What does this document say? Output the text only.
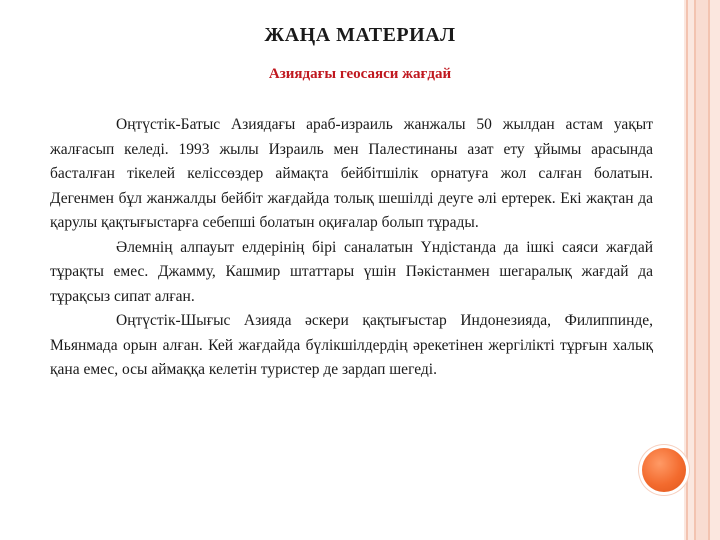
ЖАҢА МАТЕРИАЛ
Азиядағы геосаяси жағдай

Оңтүстік-Батыс Азиядағы араб-израиль жанжалы 50 жылдан астам уақыт жалғасып келеді. 1993 жылы Израиль мен Палестинаны азат ету ұйымы арасында басталған тікелей келіссөздер аймақта бейбітшілік орнатуға жол салған болатын. Дегенмен бұл жанжалды бейбіт жағдайда толық шешілді деуге әлі ертерек. Екі жақтан да қарулы қақтығыстарға себепші болатын оқиғалар болып тұрады.

Әлемнің алпауыт елдерінің бірі саналатын Үндістанда да ішкі саяси жағдай тұрақты емес. Джамму, Кашмир штаттары үшін Пәкістанмен шегаралық жағдай да тұрақсыз сипат алған.

Оңтүстік-Шығыс Азияда әскери қақтығыстар Индонезияда, Филиппинде, Мьянмада орын алған. Кей жағдайда бүлікшілдердің әрекетінен жергілікті тұрғын халық қана емес, осы аймаққа келетін туристер де зардап шегеді.
